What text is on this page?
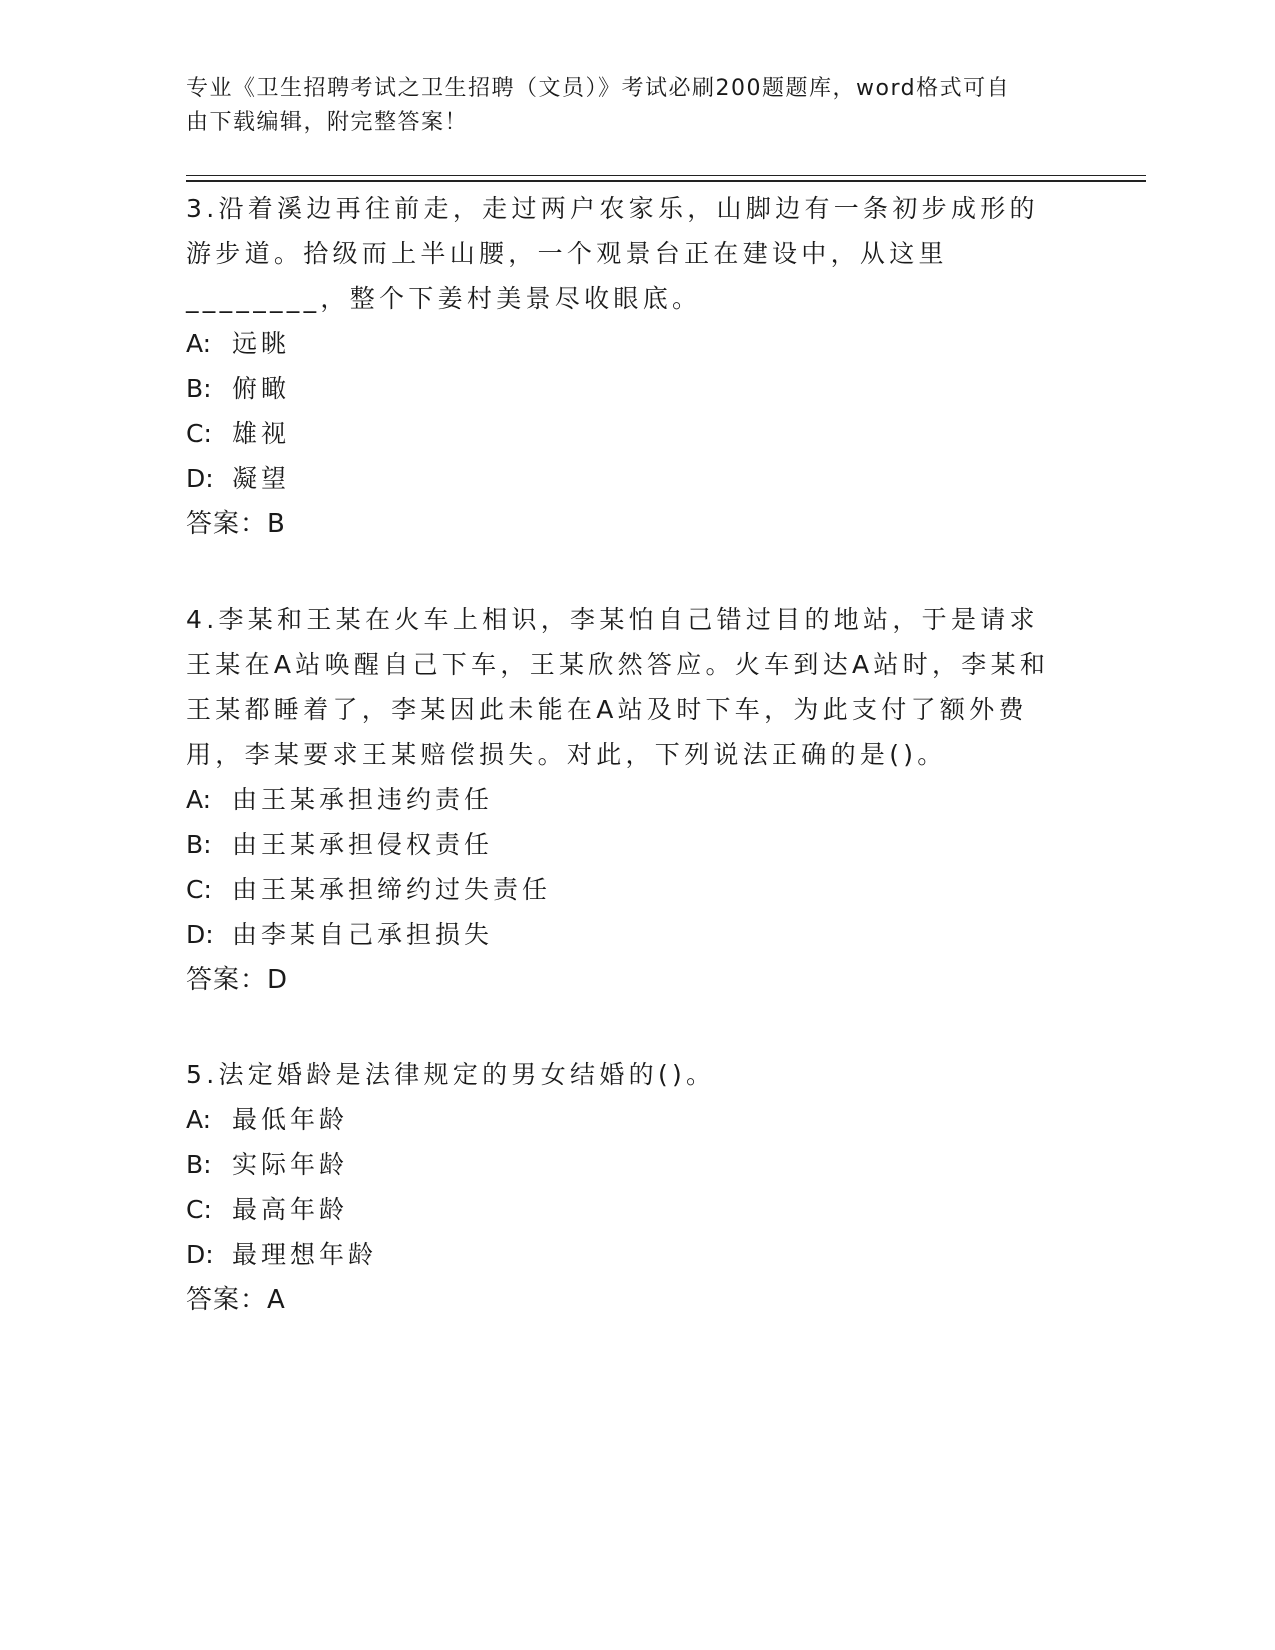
专业《卫生招聘考试之卫生招聘（文员）》考试必刷200题题库，word格式可自
由下载编辑，附完整答案！

3.沿着溪边再往前走，走过两户农家乐，山脚边有一条初步成形的游步道。拾级而上半山腰，一个观景台正在建设中，从这里________，整个下姜村美景尽收眼底。

A: 远眺

B: 俯瞰

C: 雄视

D: 凝望

答案：B

4.李某和王某在火车上相识，李某怕自己错过目的地站，于是请求王某在A站唤醒自己下车，王某欣然答应。火车到达A站时，李某和王某都睡着了，李某因此未能在A站及时下车，为此支付了额外费用，李某要求王某赔偿损失。对此，下列说法正确的是()。

A: 由王某承担违约责任

B: 由王某承担侵权责任

C: 由王某承担缔约过失责任

D: 由李某自己承担损失

答案：D

5.法定婚龄是法律规定的男女结婚的()。

A: 最低年龄

B: 实际年龄

C: 最高年龄

D: 最理想年龄

答案：A
